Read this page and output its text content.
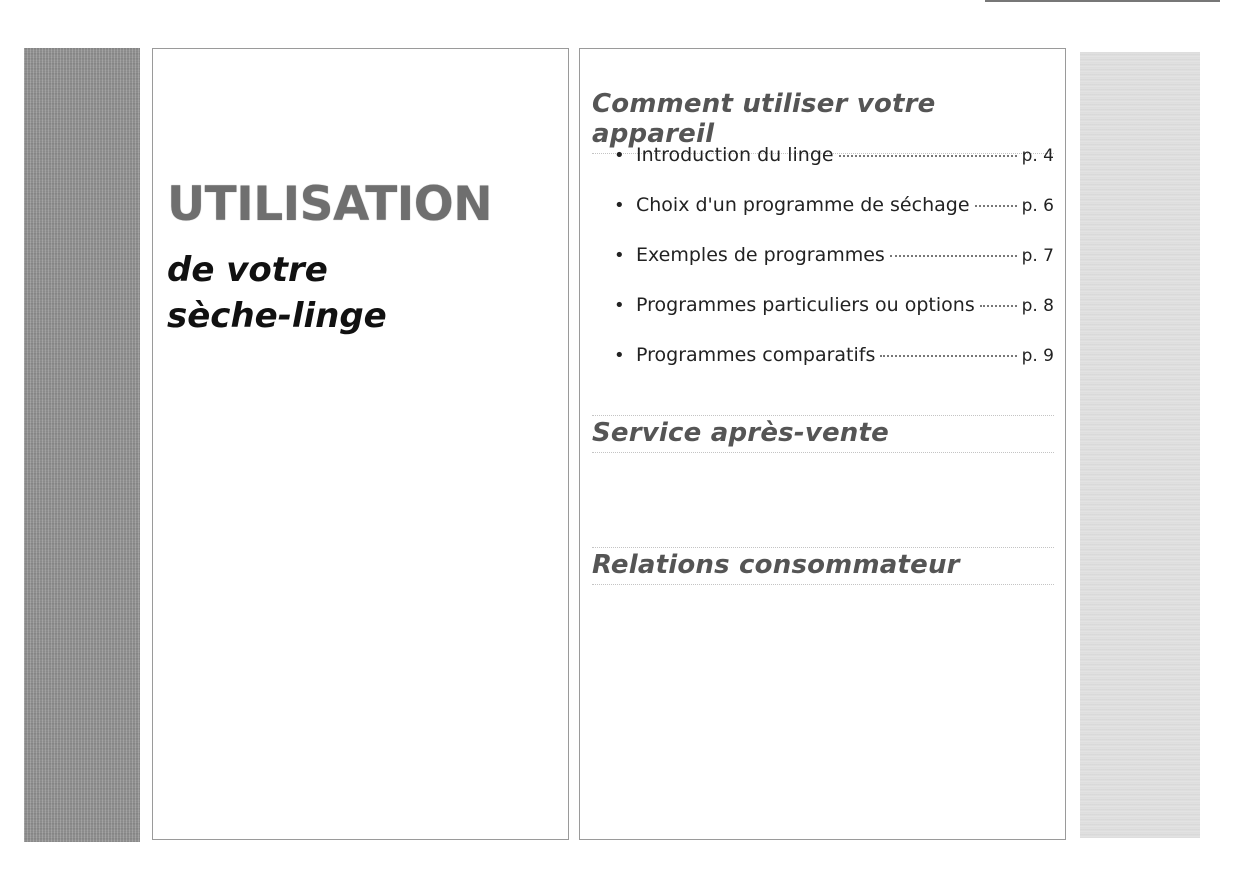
UTILISATION
de votre
sèche-linge
Comment utiliser votre appareil
• Introduction du linge	p. 4
• Choix d'un programme de séchage	p. 6
• Exemples de programmes	p. 7
• Programmes particuliers ou options	p. 8
• Programmes comparatifs	p. 9
Service après-vente
Relations consommateur
